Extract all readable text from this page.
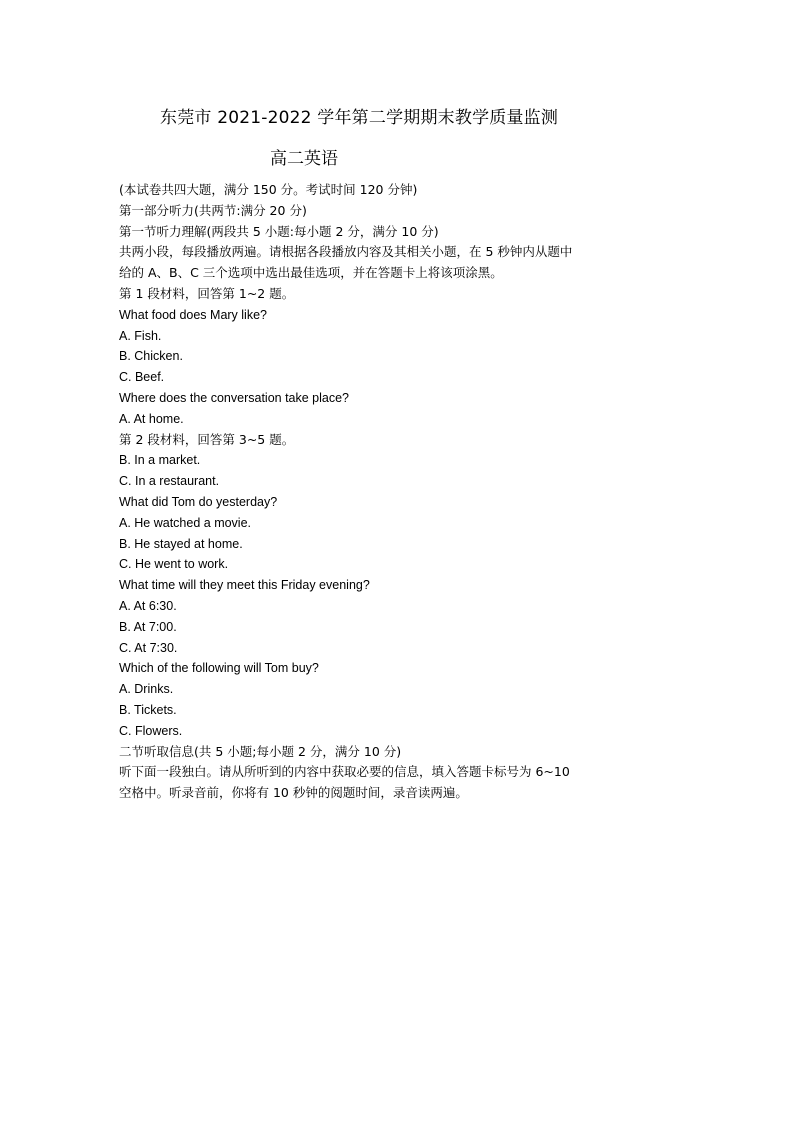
东莞市 2021-2022 学年第二学期期末教学质量监测
高二英语
(本试卷共四大题，满分 150 分。考试时间 120 分钟)
第一部分听力(共两节:满分 20 分)
第一节听力理解(两段共 5 小题:每小题 2 分，满分 10 分)
共两小段，每段播放两遍。请根据各段播放内容及其相关小题，在 5 秒钟内从题中
给的 A、B、C 三个选项中选出最佳选项，并在答题卡上将该项涂黑。
第 1 段材料，回答第 1~2 题。
What food does Mary like?
A. Fish.
B. Chicken.
C. Beef.
Where does the conversation take place?
A. At home.
第 2 段材料，回答第 3~5 题。
B. In a market.
C. In a restaurant.
What did Tom do yesterday?
A. He watched a movie.
B. He stayed at home.
C. He went to work.
What time will they meet this Friday evening?
A. At 6:30.
B. At 7:00.
C. At 7:30.
Which of the following will Tom buy?
A. Drinks.
B. Tickets.
C. Flowers.
二节听取信息(共 5 小题;每小题 2 分，满分 10 分)
听下面一段独白。请从所听到的内容中获取必要的信息，填入答题卡标号为 6~10
空格中。听录音前，你将有 10 秒钟的阅题时间，录音读两遍。
